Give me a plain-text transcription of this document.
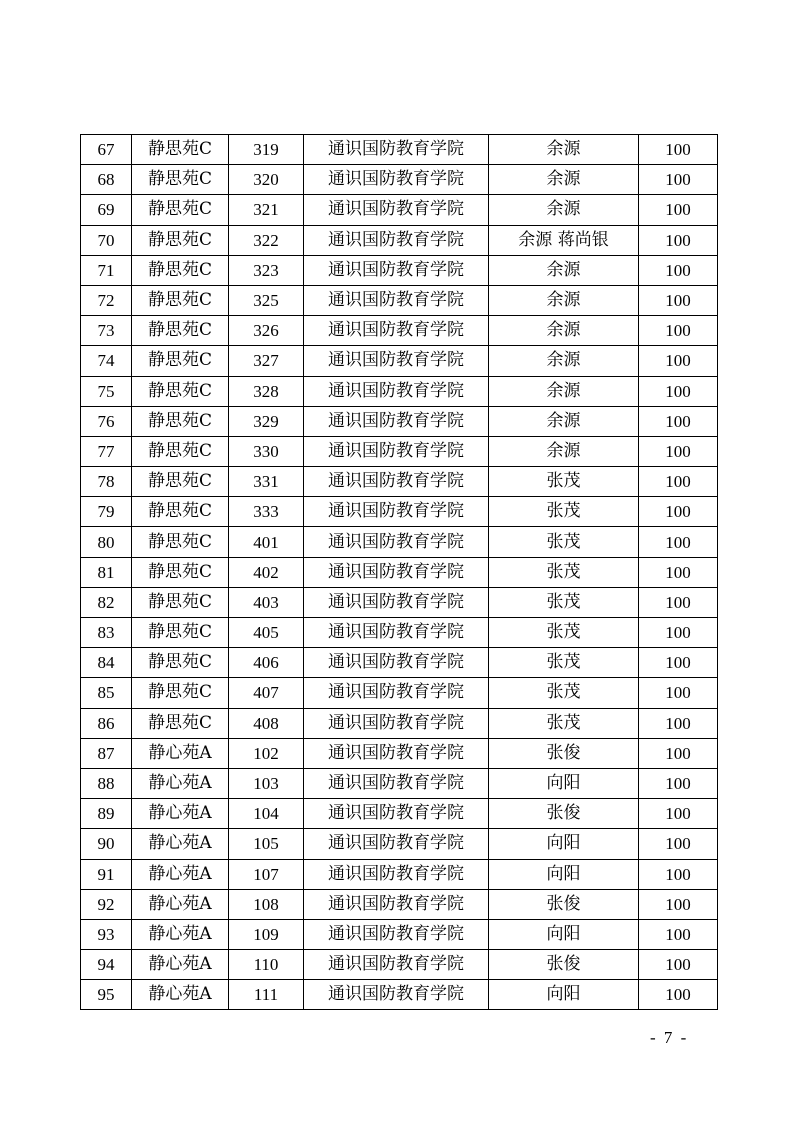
67	静思苑C	319	通识国防教育学院	余源	100
68	静思苑C	320	通识国防教育学院	余源	100
69	静思苑C	321	通识国防教育学院	余源	100
70	静思苑C	322	通识国防教育学院	余源 蒋尚银	100
71	静思苑C	323	通识国防教育学院	余源	100
72	静思苑C	325	通识国防教育学院	余源	100
73	静思苑C	326	通识国防教育学院	余源	100
74	静思苑C	327	通识国防教育学院	余源	100
75	静思苑C	328	通识国防教育学院	余源	100
76	静思苑C	329	通识国防教育学院	余源	100
77	静思苑C	330	通识国防教育学院	余源	100
78	静思苑C	331	通识国防教育学院	张茂	100
79	静思苑C	333	通识国防教育学院	张茂	100
80	静思苑C	401	通识国防教育学院	张茂	100
81	静思苑C	402	通识国防教育学院	张茂	100
82	静思苑C	403	通识国防教育学院	张茂	100
83	静思苑C	405	通识国防教育学院	张茂	100
84	静思苑C	406	通识国防教育学院	张茂	100
85	静思苑C	407	通识国防教育学院	张茂	100
86	静思苑C	408	通识国防教育学院	张茂	100
87	静心苑A	102	通识国防教育学院	张俊	100
88	静心苑A	103	通识国防教育学院	向阳	100
89	静心苑A	104	通识国防教育学院	张俊	100
90	静心苑A	105	通识国防教育学院	向阳	100
91	静心苑A	107	通识国防教育学院	向阳	100
92	静心苑A	108	通识国防教育学院	张俊	100
93	静心苑A	109	通识国防教育学院	向阳	100
94	静心苑A	110	通识国防教育学院	张俊	100
95	静心苑A	111	通识国防教育学院	向阳	100
- 7 -
